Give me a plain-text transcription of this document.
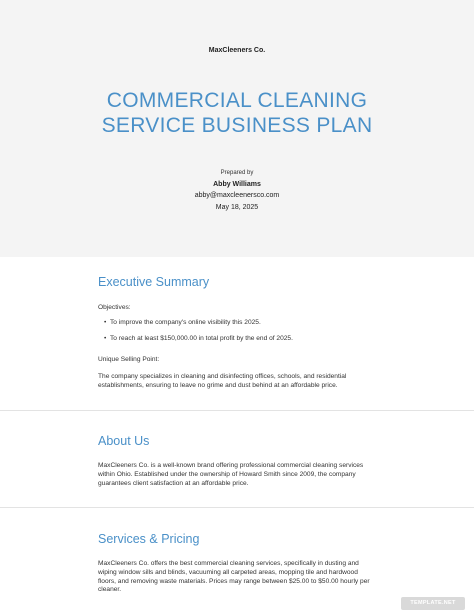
MaxCleeners Co.
COMMERCIAL CLEANING
SERVICE BUSINESS PLAN
Prepared by
Abby Williams
abby@maxcleenersco.com
May 18, 2025
Executive Summary

Objectives:

• To improve the company's online visibility this 2025.
• To reach at least $150,000.00 in total profit by the end of 2025.

Unique Selling Point:

The company specializes in cleaning and disinfecting offices, schools, and residential
establishments, ensuring to leave no grime and dust behind at an affordable price.

About Us

MaxCleeners Co. is a well-known brand offering professional commercial cleaning services
within Ohio. Established under the ownership of Howard Smith since 2009, the company
guarantees client satisfaction at an affordable price.

Services & Pricing

MaxCleeners Co. offers the best commercial cleaning services, specifically in dusting and
wiping window sills and blinds, vacuuming all carpeted areas, mopping tile and hardwood
floors, and removing waste materials. Prices may range between $25.00 to $50.00 hourly per
cleaner.

TEMPLATE.NET
